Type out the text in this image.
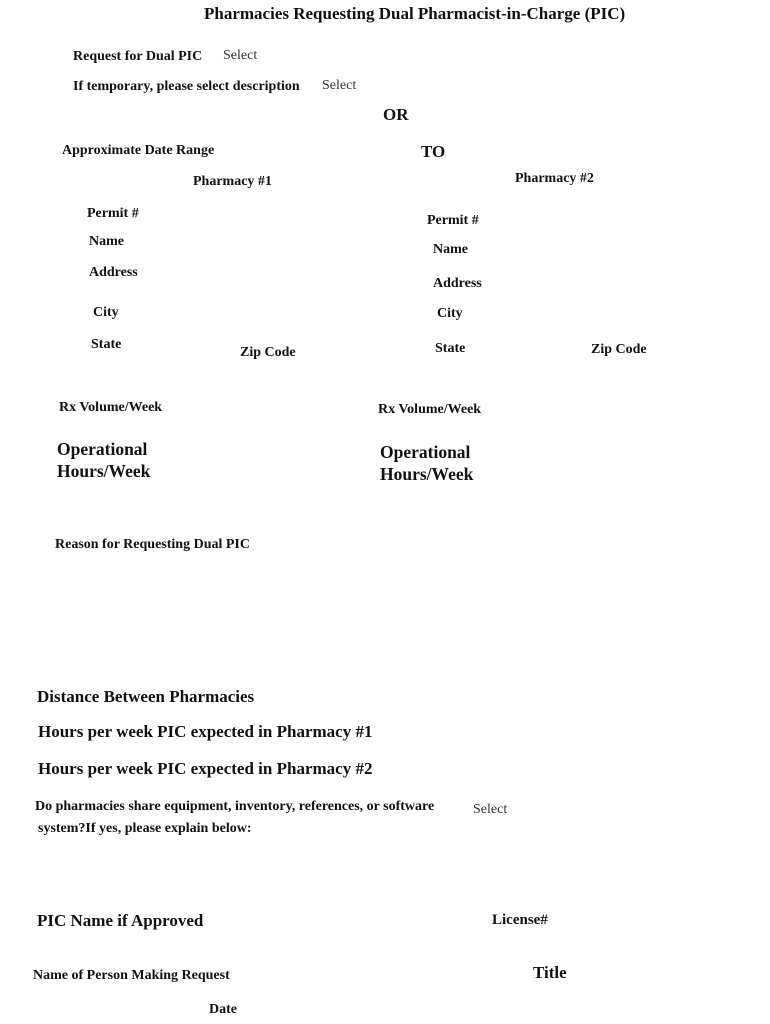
Pharmacies Requesting Dual Pharmacist-in-Charge (PIC)
Request for Dual PIC Select
If temporary, please select description Select
OR
Approximate Date Range	TO
Pharmacy #1
Permit #
Name
Address
City
State
Zip Code
Rx Volume/Week
Operational
Hours/Week
Pharmacy #2
Permit #
Name
Address
City
State	Zip Code
Rx Volume/Week
Operational
Hours/Week
Reason for Requesting Dual PIC
Distance Between Pharmacies
Hours per week PIC expected in Pharmacy #1
Hours per week PIC expected in Pharmacy #2
Do pharmacies share equipment, inventory, references, or software
system?If yes, please explain below:
Select
PIC Name if Approved	License#
Name of Person Making Request	Title
Date
